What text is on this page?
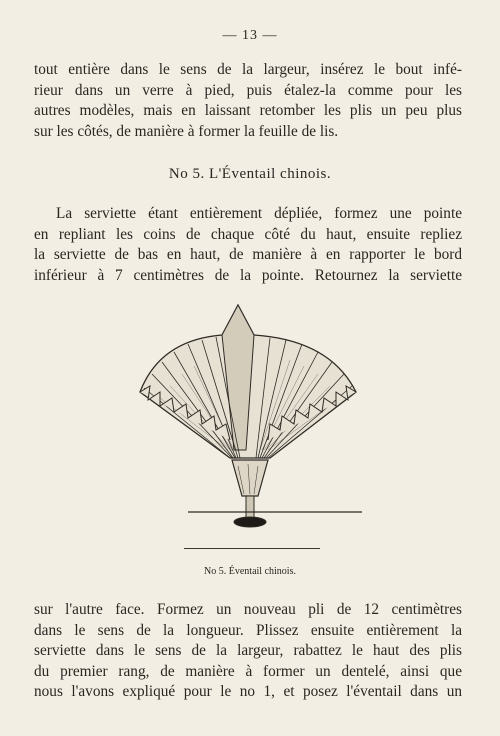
— 13 —
tout entière dans le sens de la largeur, insérez le bout infé-
rieur dans un verre à pied, puis étalez-la comme pour les
autres modèles, mais en laissant retomber les plis un peu plus
sur les côtés, de manière à former la feuille de lis.
No 5. L'Éventail chinois.
La serviette étant entièrement dépliée, formez une pointe
en repliant les coins de chaque côté du haut, ensuite repliez
la serviette de bas en haut, de manière à en rapporter le bord
inférieur à 7 centimètres de la pointe. Retournez la serviette
No 5. Éventail chinois.
sur l'autre face. Formez un nouveau pli de 12 centimètres
dans le sens de la longueur. Plissez ensuite entièrement la
serviette dans le sens de la largeur, rabattez le haut des plis
du premier rang, de manière à former un dentelé, ainsi que
nous l'avons expliqué pour le no 1, et posez l'éventail dans un
